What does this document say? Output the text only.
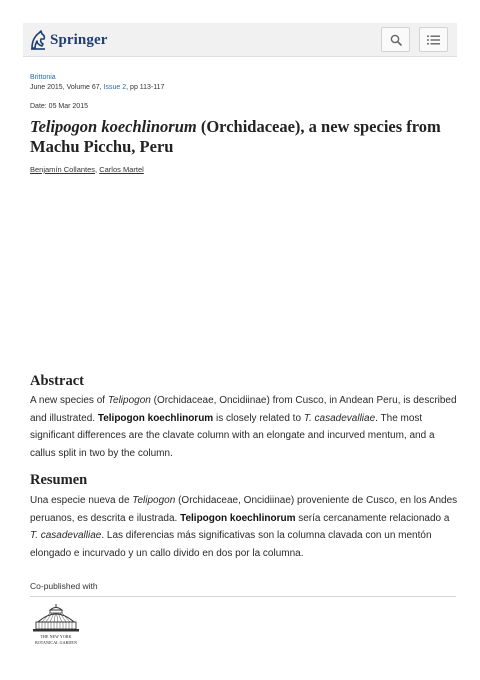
Springer
Brittonia
June 2015, Volume 67, Issue 2, pp 113-117
Date: 05 Mar 2015
Telipogon koechlinorum (Orchidaceae), a new species from Machu Picchu, Peru
Benjamín Collantes, Carlos Martel
Abstract

A new species of Telipogon (Orchidaceae, Oncidiinae) from Cusco, in Andean Peru, is described and illustrated. Telipogon koechlinorum is closely related to T. casadevalliae. The most significant differences are the clavate column with an elongate and incurved mentum, and a callus split in two by the column.

Resumen

Una especie nueva de Telipogon (Orchidaceae, Oncidiinae) proveniente de Cusco, en los Andes peruanos, es descrita e ilustrada. Telipogon koechlinorum sería cercanamente relacionado a T. casadevalliae. Las diferencias más significativas son la columna clavada con un mentón elongado e incurvado y un callo divido en dos por la columna.

Co-published with
THE NEW YORK
BOTANICAL GARDEN
